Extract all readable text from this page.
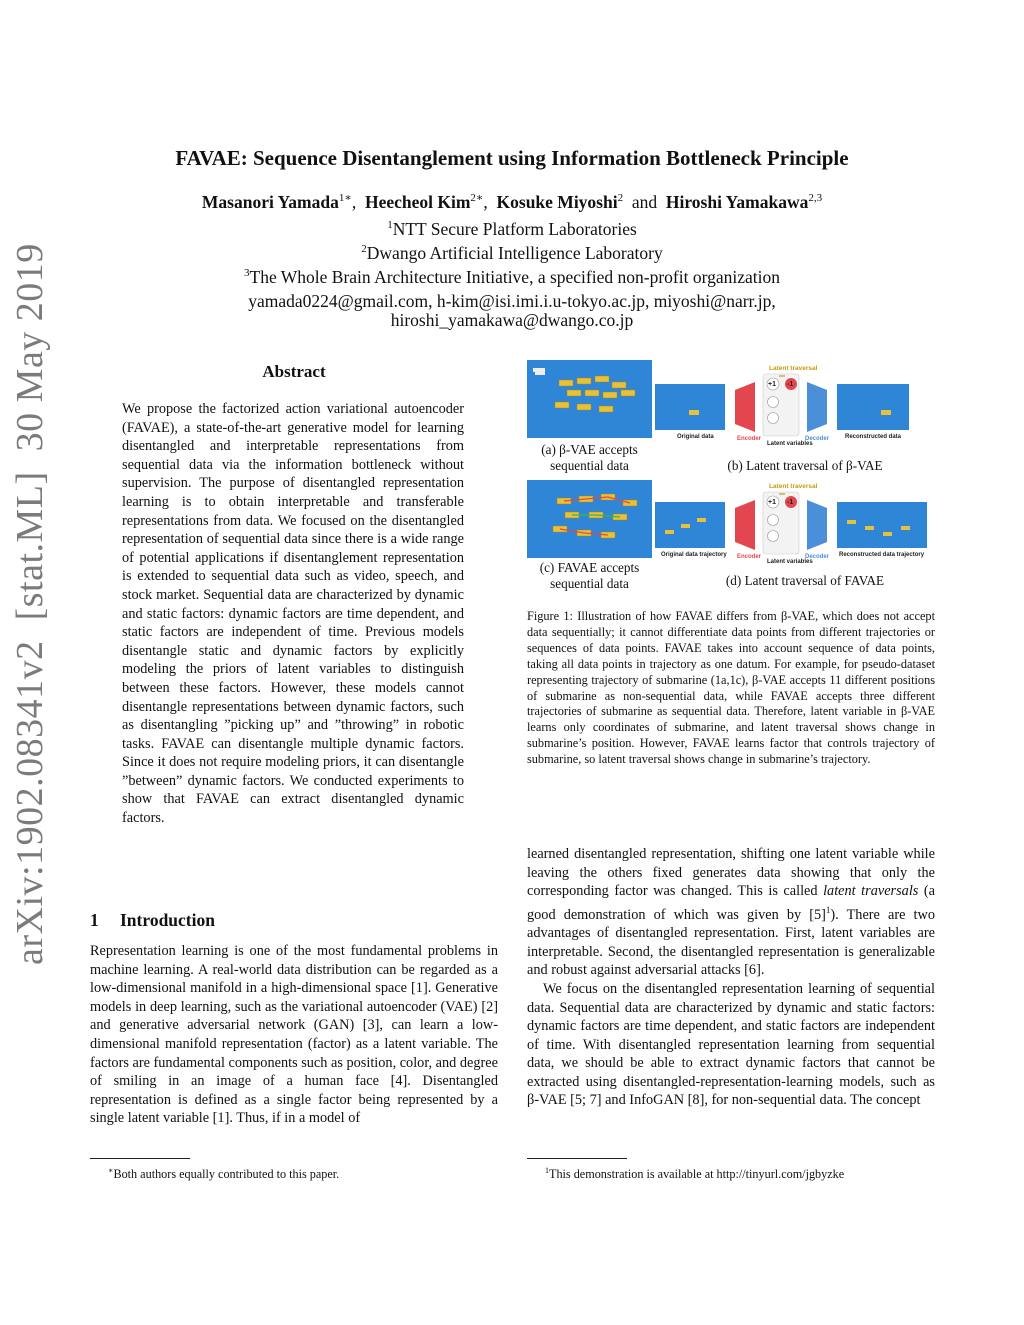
arXiv:1902.08341v2  [stat.ML]  30 May 2019
FAVAE: Sequence Disentanglement using Information Bottleneck Principle
Masanori Yamada$^{1∗}$,  Heecheol Kim$^{2∗}$,  Kosuke Miyoshi$^2$ and Hiroshi Yamakawa$^{2,3}$
$^1$NTT Secure Platform Laboratories
$^2$Dwango Artificial Intelligence Laboratory
$^3$The Whole Brain Architecture Initiative, a specified non-profit organization
yamada0224@gmail.com, h-kim@isi.imi.i.u-tokyo.ac.jp, miyoshi@narr.jp,
hiroshi_yamakawa@dwango.co.jp
Abstract

We propose the factorized action variational autoencoder (FAVAE), a state-of-the-art generative model for learning disentangled and interpretable representations from sequential data via the information bottleneck without supervision. The purpose of disentangled representation learning is to obtain interpretable and transferable representations from data. We focused on the disentangled representation of sequential data since there is a wide range of potential applications if disentanglement representation is extended to sequential data such as video, speech, and stock market. Sequential data are characterized by dynamic and static factors: dynamic factors are time dependent, and static factors are independent of time. Previous models disentangle static and dynamic factors by explicitly modeling the priors of latent variables to distinguish between these factors. However, these models cannot disentangle representations between dynamic factors, such as disentangling ”picking up” and ”throwing” in robotic tasks. FAVAE can disentangle multiple dynamic factors. Since it does not require modeling priors, it can disentangle ”between” dynamic factors. We conducted experiments to show that FAVAE can extract disentangled dynamic factors.

1 Introduction

Representation learning is one of the most fundamental problems in machine learning. A real-world data distribution can be regarded as a low-dimensional manifold in a high-dimensional space [1]. Generative models in deep learning, such as the variational autoencoder (VAE) [2] and generative adversarial network (GAN) [3], can learn a low-dimensional manifold representation (factor) as a latent variable. The factors are fundamental components such as position, color, and degree of smiling in an image of a human face [4]. Disentangled representation is defined as a single factor being represented by a single latent variable [1]. Thus, if in a model of

∗Both authors equally contributed to this paper.
(a) β-VAE accepts sequential data
Latent traversal
Original data	Encoder
+1 -1
Latent variables
Decoder	Reconstructed data
(b) Latent traversal of β-VAE
(c) FAVAE accepts sequential data
Latent traversal
Original data trajectory Encoder
+1 -1
Latent variables
Decoder Reconstructed data trajectory
(d) Latent traversal of FAVAE
Figure 1: Illustration of how FAVAE differs from β-VAE, which does not accept data sequentially; it cannot differentiate data points from different trajectories or sequences of data points. FAVAE takes into account sequence of data points, taking all data points in trajectory as one datum. For example, for pseudo-dataset representing trajectory of submarine (1a,1c), β-VAE accepts 11 different positions of submarine as non-sequential data, while FAVAE accepts three different trajectories of submarine as sequential data. Therefore, latent variable in β-VAE learns only coordinates of submarine, and latent traversal shows change in submarine’s position. However, FAVAE learns factor that controls trajectory of submarine, so latent traversal shows change in submarine’s trajectory.

learned disentangled representation, shifting one latent variable while leaving the others fixed generates data showing that only the corresponding factor was changed. This is called latent traversals (a good demonstration of which was given by $[5]^1$). There are two advantages of disentangled representation. First, latent variables are interpretable. Second, the disentangled representation is generalizable and robust against adversarial attacks [6].

We focus on the disentangled representation learning of sequential data. Sequential data are characterized by dynamic and static factors: dynamic factors are time dependent, and static factors are independent of time. With disentangled representation learning from sequential data, we should be able to extract dynamic factors that cannot be extracted using disentangled-representation-learning models, such as β-VAE [5; 7] and InfoGAN [8], for non-sequential data. The concept

$^1$This demonstration is available at http://tinyurl.com/jgbyzke
